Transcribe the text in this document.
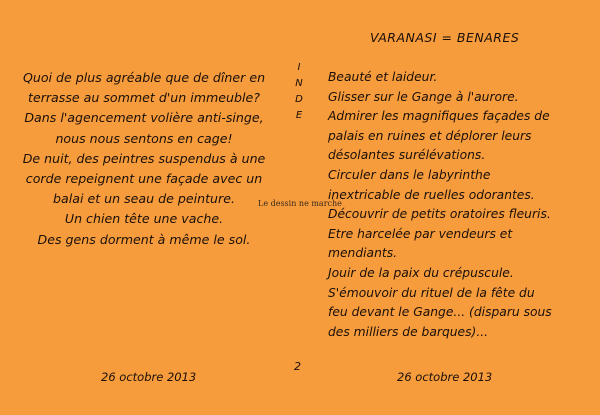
Quoi de plus agréable que de dîner en
terrasse au sommet d'un immeuble?
Dans l'agencement volière anti-singe,
nous nous sentons en cage!
De nuit, des peintres suspendus à une
corde repeignent une façade avec un
balai et un seau de peinture.
Un chien tête une vache.
Des gens dorment à même le sol.
I
N
D
E
Le dessin ne marche
VARANASI = BENARES
Beauté et laideur.
Glisser sur le Gange à l'aurore.
Admirer les magnifiques façades de
palais en ruines et déplorer leurs
désolantes surélévations.
Circuler dans le labyrinthe
inextricable de ruelles odorantes.
Découvrir de petits oratoires fleuris.
Etre harcelée par vendeurs et
mendiants.
Jouir de la paix du crépuscule.
S'émouvoir du rituel de la fête du
feu devant le Gange... (disparu sous
des milliers de barques)...
2
26 octobre 2013	26 octobre 2013
